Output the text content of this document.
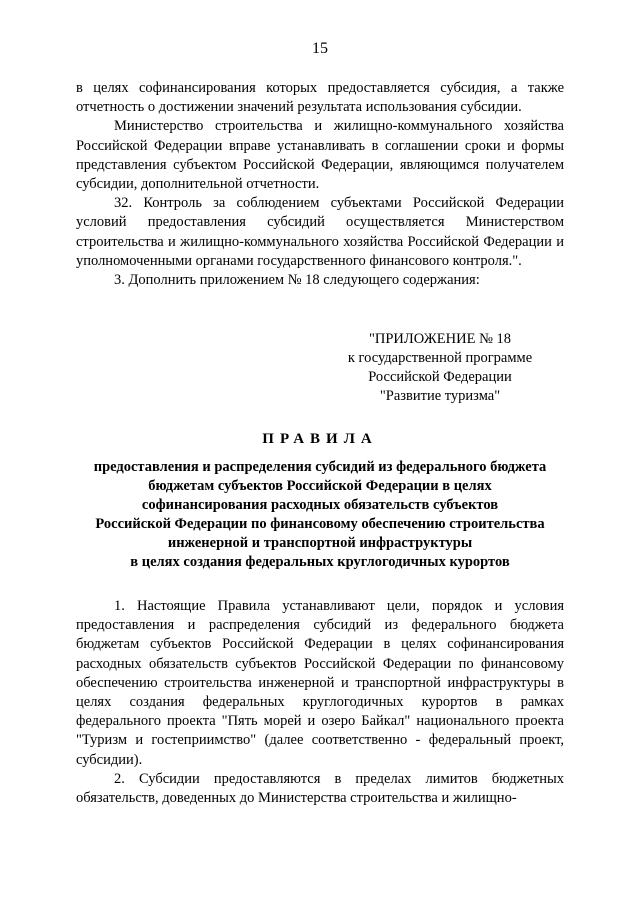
15

в целях софинансирования которых предоставляется субсидия, а также отчетность о достижении значений результата использования субсидии.

Министерство строительства и жилищно-коммунального хозяйства Российской Федерации вправе устанавливать в соглашении сроки и формы представления субъектом Российской Федерации, являющимся получателем субсидии, дополнительной отчетности.

32. Контроль за соблюдением субъектами Российской Федерации условий предоставления субсидий осуществляется Министерством строительства и жилищно-коммунального хозяйства Российской Федерации и уполномоченными органами государственного финансового контроля.".

3. Дополнить приложением № 18 следующего содержания:

"ПРИЛОЖЕНИЕ № 18
к государственной программе
Российской Федерации
"Развитие туризма"
ПРАВИЛА
предоставления и распределения субсидий из федерального бюджета
бюджетам субъектов Российской Федерации в целях
софинансирования расходных обязательств субъектов
Российской Федерации по финансовому обеспечению строительства
инженерной и транспортной инфраструктуры
в целях создания федеральных круглогодичных курортов

1. Настоящие Правила устанавливают цели, порядок и условия предоставления и распределения субсидий из федерального бюджета бюджетам субъектов Российской Федерации в целях софинансирования расходных обязательств субъектов Российской Федерации по финансовому обеспечению строительства инженерной и транспортной инфраструктуры в целях создания федеральных круглогодичных курортов в рамках федерального проекта "Пять морей и озеро Байкал" национального проекта "Туризм и гостеприимство" (далее соответственно - федеральный проект, субсидии).

2. Субсидии предоставляются в пределах лимитов бюджетных обязательств, доведенных до Министерства строительства и жилищно-
